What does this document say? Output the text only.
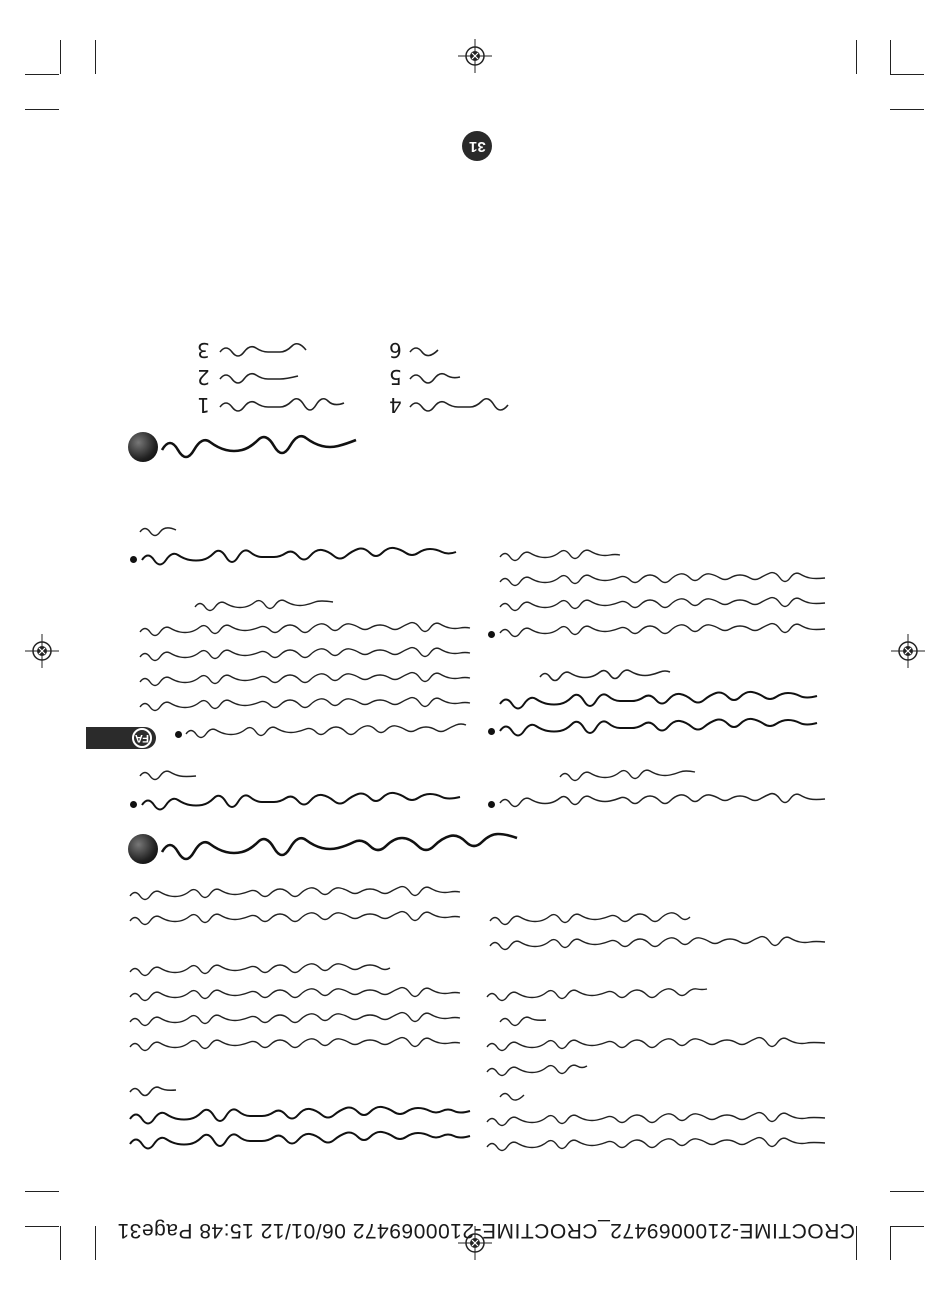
CROCTIME-2100069472_CROCTIME-2100069472 06/01/12 15:48 Page31
31
FA
3
2
1
6
5
4
